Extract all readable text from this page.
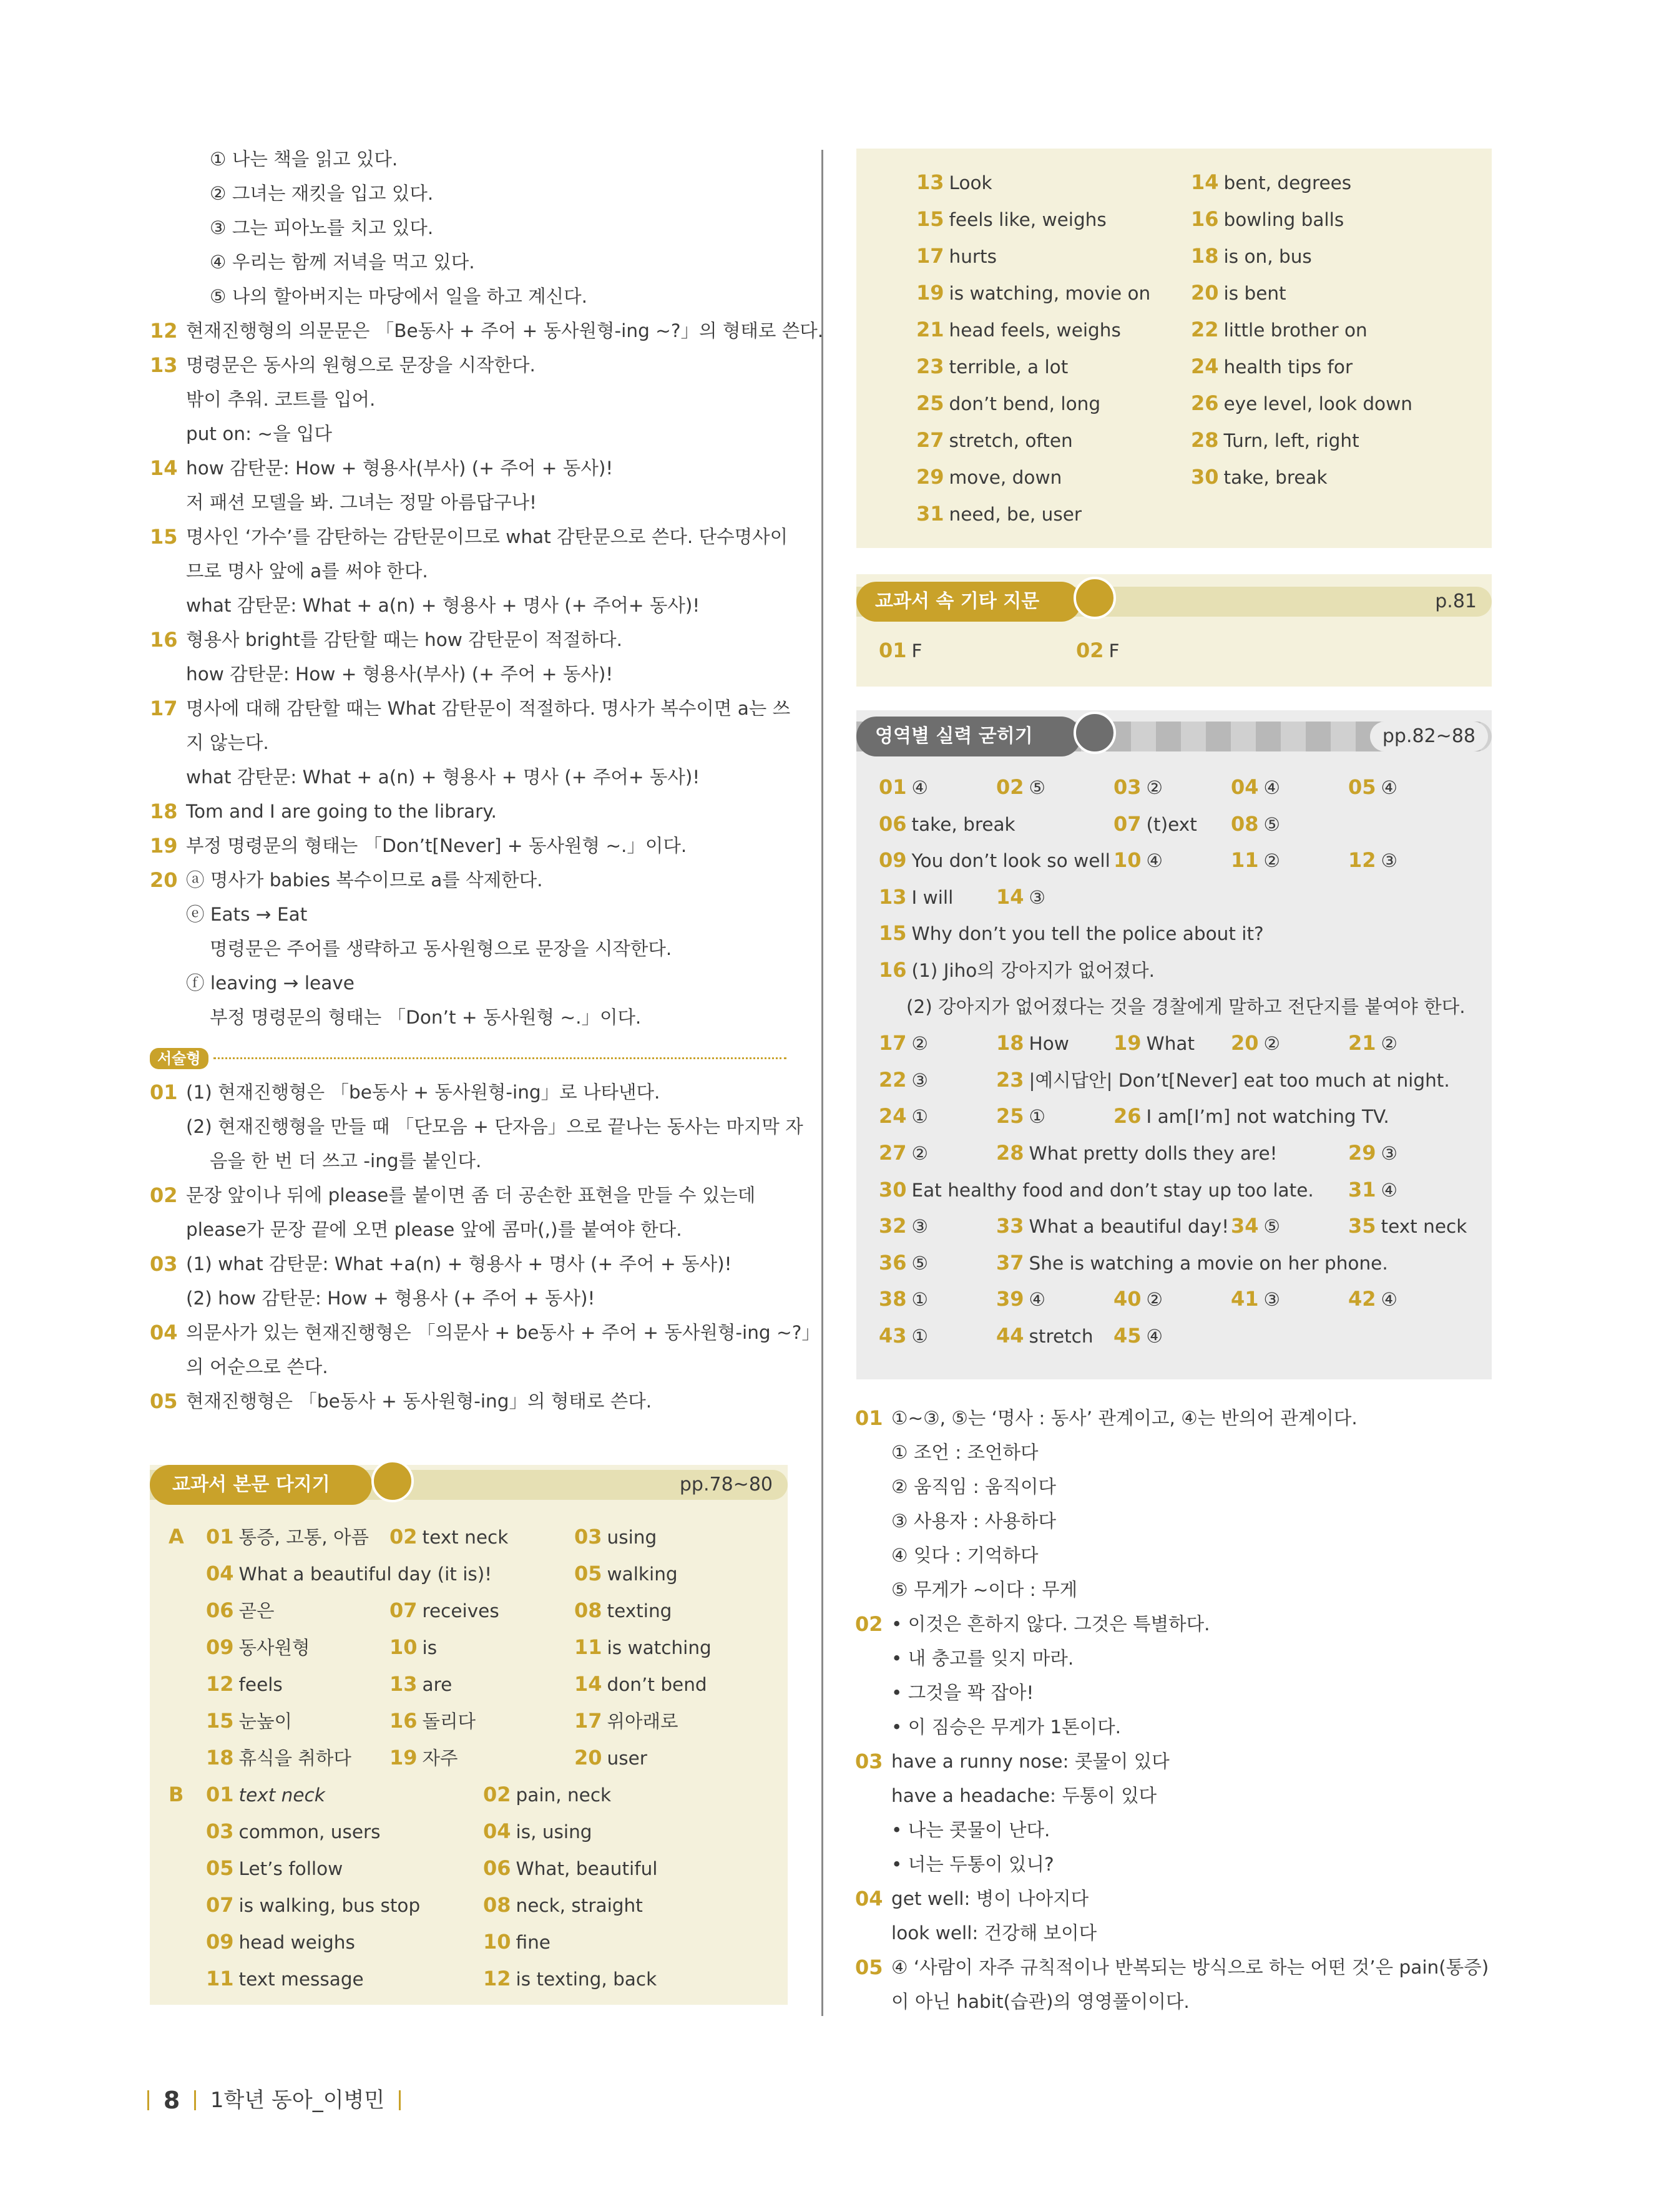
① 나는 책을 읽고 있다.
② 그녀는 재킷을 입고 있다.
③ 그는 피아노를 치고 있다.
④ 우리는 함께 저녁을 먹고 있다.
⑤ 나의 할아버지는 마당에서 일을 하고 계신다.
12 현재진행형의 의문문은 「Be동사 + 주어 + 동사원형-ing ~?」의 형태로 쓴다.
13 명령문은 동사의 원형으로 문장을 시작한다.
밖이 추워. 코트를 입어.
put on: ~을 입다
14 how 감탄문: How + 형용사(부사) (+ 주어 + 동사)!
저 패션 모델을 봐. 그녀는 정말 아름답구나!
15 명사인 ‘가수’를 감탄하는 감탄문이므로 what 감탄문으로 쓴다. 단수명사이
므로 명사 앞에 a를 써야 한다.
what 감탄문: What + a(n) + 형용사 + 명사 (+ 주어+ 동사)!
16 형용사 bright를 감탄할 때는 how 감탄문이 적절하다.
how 감탄문: How + 형용사(부사) (+ 주어 + 동사)!
17 명사에 대해 감탄할 때는 What 감탄문이 적절하다. 명사가 복수이면 a는 쓰
지 않는다.
what 감탄문: What + a(n) + 형용사 + 명사 (+ 주어+ 동사)!
18 Tom and I are going to the library.
19 부정 명령문의 형태는 「Don’t[Never] + 동사원형 ~.」이다.
20 ⓐ 명사가 babies 복수이므로 a를 삭제한다.
ⓔ Eats → Eat
명령문은 주어를 생략하고 동사원형으로 문장을 시작한다.
ⓕ leaving → leave
부정 명령문의 형태는 「Don’t + 동사원형 ~.」이다.
서술형
01 (1) 현재진행형은 「be동사 + 동사원형-ing」로 나타낸다.
(2) 현재진행형을 만들 때 「단모음 + 단자음」으로 끝나는 동사는 마지막 자
음을 한 번 더 쓰고 -ing를 붙인다.
02 문장 앞이나 뒤에 please를 붙이면 좀 더 공손한 표현을 만들 수 있는데
please가 문장 끝에 오면 please 앞에 콤마(,)를 붙여야 한다.
03 (1) what 감탄문: What +a(n) + 형용사 + 명사 (+ 주어 + 동사)!
(2) how 감탄문: How + 형용사 (+ 주어 + 동사)!
04 의문사가 있는 현재진행형은 「의문사 + be동사 + 주어 + 동사원형-ing ~?」
의 어순으로 쓴다.
05 현재진행형은 「be동사 + 동사원형-ing」의 형태로 쓴다.
교과서 본문 다지기	pp.78~80
A 01 통증, 고통, 아픔 02 text neck	03 using
04 What a beautiful day (it is)!	05 walking
06 곧은	07 receives	08 texting
09 동사원형	10 is	11 is watching
12 feels	13 are	14 don’t bend
15 눈높이	16 돌리다	17 위아래로
18 휴식을 취하다 19 자주	20 user
B 01 text neck	02 pain, neck
03 common, users	04 is, using
05 Let’s follow	06 What, beautiful
07 is walking, bus stop	08 neck, straight
09 head weighs	10 fine
11 text message	12 is texting, back
13 Look	14 bent, degrees
15 feels like, weighs	16 bowling balls
17 hurts	18 is on, bus
19 is watching, movie on 20 is bent
21 head feels, weighs	22 little brother on
23 terrible, a lot	24 health tips for
25 don’t bend, long	26 eye level, look down
27 stretch, often	28 Turn, left, right
29 move, down	30 take, break
31 need, be, user
교과서 속 기타 지문	p.81
01 F	02 F
영역별 실력 굳히기	pp.82~88
01 ④	02 ⑤	03 ②	04 ④	05 ④
06 take, break	07 (t)ext 08 ⑤
09 You don’t look so well 10 ④	11 ②	12 ③
13 I will 14 ③
15 Why don’t you tell the police about it?
16 (1) Jiho의 강아지가 없어졌다.
(2) 강아지가 없어졌다는 것을 경찰에게 말하고 전단지를 붙여야 한다.
17 ②	18 How 19 What 20 ②	21 ②
22 ③	23 |예시답안| Don’t[Never] eat too much at night.
24 ①	25 ①	26 I am[I’m] not watching TV.
27 ②	28 What pretty dolls they are!	29 ③
30 Eat healthy food and don’t stay up too late. 31 ④
32 ③	33 What a beautiful day! 34 ⑤	35 text neck
36 ⑤	37 She is watching a movie on her phone.
38 ①	39 ④	40 ②	41 ③	42 ④
43 ①	44 stretch 45 ④
01 ①~③, ⑤는 ‘명사 : 동사’ 관계이고, ④는 반의어 관계이다.
① 조언 : 조언하다
② 움직임 : 움직이다
③ 사용자 : 사용하다
④ 잊다 : 기억하다
⑤ 무게가 ~이다 : 무게
02 • 이것은 흔하지 않다. 그것은 특별하다.
• 내 충고를 잊지 마라.
• 그것을 꽉 잡아!
• 이 짐승은 무게가 1톤이다.
03 have a runny nose: 콧물이 있다
have a headache: 두통이 있다
• 나는 콧물이 난다.
• 너는 두통이 있니?
04 get well: 병이 나아지다
look well: 건강해 보이다
05 ④ ‘사람이 자주 규칙적이나 반복되는 방식으로 하는 어떤 것’은 pain(통증)
이 아닌 habit(습관)의 영영풀이이다.
8 1학년 동아_이병민
